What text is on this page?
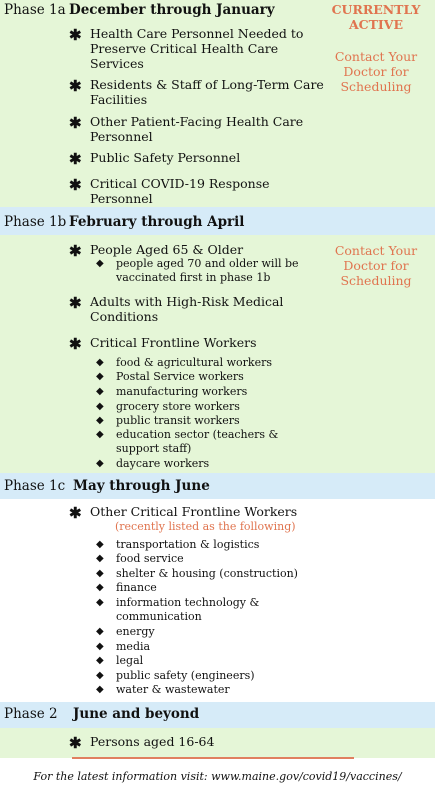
Phase 1a December through January	CURRENTLY ACTIVE
Contact Your Doctor for Scheduling
✱ Health Care Personnel Needed to Preserve Critical Health Care Services
✱ Residents & Staff of Long-Term Care Facilities
✱ Other Patient-Facing Health Care Personnel
✱ Public Safety Personnel
✱ Critical COVID-19 Response Personnel
Phase 1b February through April
Contact Your Doctor for Scheduling
✱ People Aged 65 & Older
◆	people aged 70 and older will be vaccinated first in phase 1b
✱ Adults with High-Risk Medical Conditions
✱ Critical Frontline Workers
◆	food & agricultural workers
◆	Postal Service workers
◆	manufacturing workers
◆	grocery store workers
◆	public transit workers
◆	education sector (teachers & support staff)
◆	daycare workers
Phase 1c May through June
✱ Other Critical Frontline Workers
(recently listed as the following)
◆	transportation & logistics
◆	food service
◆	shelter & housing (construction)
◆	finance
◆	information technology & communication
◆	energy
◆	media
◆	legal
◆	public safety (engineers)
◆	water & wastewater
Phase 2 June and beyond
✱ Persons aged 16-64
For the latest information visit: www.maine.gov/covid19/vaccines/
